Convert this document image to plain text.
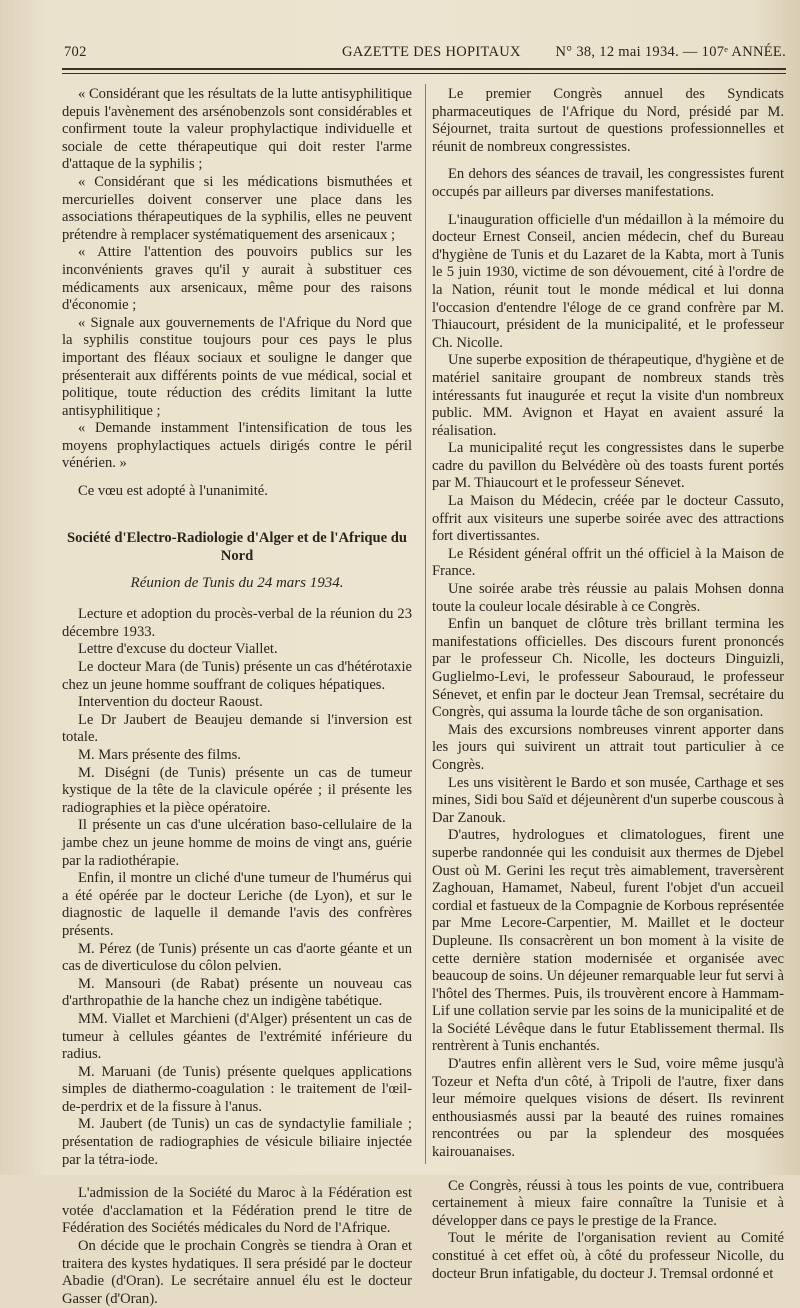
702	GAZETTE DES HOPITAUX N° 38, 12 mai 1934. — 107ᵉ ANNÉE.

« Considérant que les résultats de la lutte antisyphilitique depuis l'avènement des arsénobenzols sont considérables et confirment toute la valeur prophylactique individuelle et sociale de cette thérapeutique qui doit rester l'arme d'attaque de la syphilis ;

« Considérant que si les médications bismuthées et mercurielles doivent conserver une place dans les associations thérapeutiques de la syphilis, elles ne peuvent prétendre à remplacer systématiquement des arsenicaux ;

« Attire l'attention des pouvoirs publics sur les inconvénients graves qu'il y aurait à substituer ces médicaments aux arsenicaux, même pour des raisons d'économie ;

« Signale aux gouvernements de l'Afrique du Nord que la syphilis constitue toujours pour ces pays le plus important des fléaux sociaux et souligne le danger que présenterait aux différents points de vue médical, social et politique, toute réduction des crédits limitant la lutte antisyphilitique ;

« Demande instamment l'intensification de tous les moyens prophylactiques actuels dirigés contre le péril vénérien. »

Ce vœu est adopté à l'unanimité.

Société d'Electro-Radiologie d'Alger et de l'Afrique du Nord
Réunion de Tunis du 24 mars 1934.

Lecture et adoption du procès-verbal de la réunion du 23 décembre 1933.

Lettre d'excuse du docteur Viallet.

Le docteur Mara (de Tunis) présente un cas d'hétérotaxie chez un jeune homme souffrant de coliques hépatiques.

Intervention du docteur Raoust.

Le Dr Jaubert de Beaujeu demande si l'inversion est totale.

M. Mars présente des films.

M. Diségni (de Tunis) présente un cas de tumeur kystique de la tête de la clavicule opérée ; il présente les radiographies et la pièce opératoire.

Il présente un cas d'une ulcération baso-cellulaire de la jambe chez un jeune homme de moins de vingt ans, guérie par la radiothérapie.

Enfin, il montre un cliché d'une tumeur de l'humérus qui a été opérée par le docteur Leriche (de Lyon), et sur le diagnostic de laquelle il demande l'avis des confrères présents.

M. Pérez (de Tunis) présente un cas d'aorte géante et un cas de diverticulose du côlon pelvien.

M. Mansouri (de Rabat) présente un nouveau cas d'arthropathie de la hanche chez un indigène tabétique.

MM. Viallet et Marchieni (d'Alger) présentent un cas de tumeur à cellules géantes de l'extrémité inférieure du radius.

M. Maruani (de Tunis) présente quelques applications simples de diathermo-coagulation : le traitement de l'œil-de-perdrix et de la fissure à l'anus.

M. Jaubert (de Tunis) un cas de syndactylie familiale ; présentation de radiographies de vésicule biliaire injectée par la tétra-iode.

L'admission de la Société du Maroc à la Fédération est votée d'acclamation et la Fédération prend le titre de Fédération des Sociétés médicales du Nord de l'Afrique.

On décide que le prochain Congrès se tiendra à Oran et traitera des kystes hydatiques. Il sera présidé par le docteur Abadie (d'Oran). Le secrétaire annuel élu est le docteur Gasser (d'Oran).

Le premier Congrès annuel des Syndicats pharmaceutiques de l'Afrique du Nord, présidé par M. Séjournet, traita surtout de questions professionnelles et réunit de nombreux congressistes.

En dehors des séances de travail, les congressistes furent occupés par ailleurs par diverses manifestations.

L'inauguration officielle d'un médaillon à la mémoire du docteur Ernest Conseil, ancien médecin, chef du Bureau d'hygiène de Tunis et du Lazaret de la Kabta, mort à Tunis le 5 juin 1930, victime de son dévouement, cité à l'ordre de la Nation, réunit tout le monde médical et lui donna l'occasion d'entendre l'éloge de ce grand confrère par M. Thiaucourt, président de la municipalité, et le professeur Ch. Nicolle.

Une superbe exposition de thérapeutique, d'hygiène et de matériel sanitaire groupant de nombreux stands très intéressants fut inaugurée et reçut la visite d'un nombreux public. MM. Avignon et Hayat en avaient assuré la réalisation.

La municipalité reçut les congressistes dans le superbe cadre du pavillon du Belvédère où des toasts furent portés par M. Thiaucourt et le professeur Sénevet.

La Maison du Médecin, créée par le docteur Cassuto, offrit aux visiteurs une superbe soirée avec des attractions fort divertissantes.

Le Résident général offrit un thé officiel à la Maison de France.

Une soirée arabe très réussie au palais Mohsen donna toute la couleur locale désirable à ce Congrès.

Enfin un banquet de clôture très brillant termina les manifestations officielles. Des discours furent prononcés par le professeur Ch. Nicolle, les docteurs Dinguizli, Guglielmo-Levi, le professeur Sabouraud, le professeur Sénevet, et enfin par le docteur Jean Tremsal, secrétaire du Congrès, qui assuma la lourde tâche de son organisation.

Mais des excursions nombreuses vinrent apporter dans les jours qui suivirent un attrait tout particulier à ce Congrès.

Les uns visitèrent le Bardo et son musée, Carthage et ses mines, Sidi bou Saïd et déjeunèrent d'un superbe couscous à Dar Zanouk.

D'autres, hydrologues et climatologues, firent une superbe randonnée qui les conduisit aux thermes de Djebel Oust où M. Gerini les reçut très aimablement, traversèrent Zaghouan, Hamamet, Nabeul, furent l'objet d'un accueil cordial et fastueux de la Compagnie de Korbous représentée par Mme Lecore-Carpentier, M. Maillet et le docteur Dupleune. Ils consacrèrent un bon moment à la visite de cette dernière station modernisée et organisée avec beaucoup de soins. Un déjeuner remarquable leur fut servi à l'hôtel des Thermes. Puis, ils trouvèrent encore à Hammam-Lif une collation servie par les soins de la municipalité et de la Société Lévêque dans le futur Etablissement thermal. Ils rentrèrent à Tunis enchantés.

D'autres enfin allèrent vers le Sud, voire même jusqu'à Tozeur et Nefta d'un côté, à Tripoli de l'autre, fixer dans leur mémoire quelques visions de désert. Ils revinrent enthousiasmés aussi par la beauté des ruines romaines rencontrées ou par la splendeur des mosquées kairouanaises.

Ce Congrès, réussi à tous les points de vue, contribuera certainement à mieux faire connaître la Tunisie et à développer dans ce pays le prestige de la France.

Tout le mérite de l'organisation revient au Comité constitué à cet effet où, à côté du professeur Nicolle, du docteur Brun infatigable, du docteur J. Tremsal ordonné et
